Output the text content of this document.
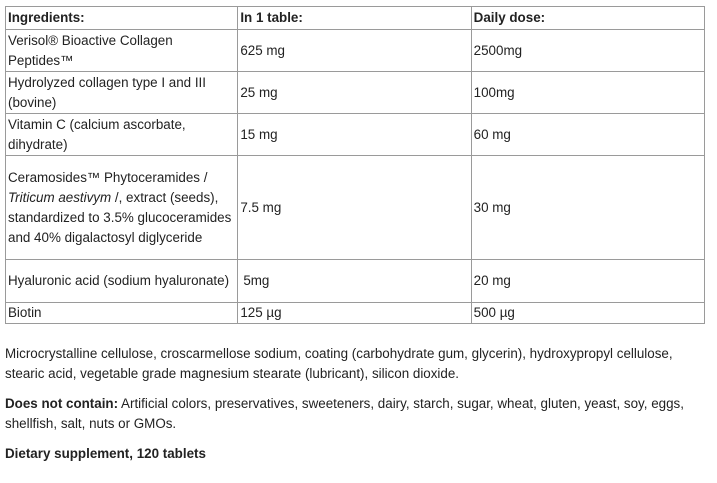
Ingredients:	In 1 table:	Daily dose:
Verisol® Bioactive Collagen Peptides™	625 mg	2500mg
Hydrolyzed collagen type I and III (bovine)	25 mg	100mg
Vitamin C (calcium ascorbate, dihydrate)	15 mg	60 mg
Ceramosides™ Phytoceramides / Triticum aestivym /, extract (seeds), standardized to 3.5% glucoceramides and 40% digalactosyl diglyceride	7.5 mg	30 mg
Hyaluronic acid (sodium hyaluronate)	5mg	20 mg
Biotin	125 µg	500 µg

Microcrystalline cellulose, croscarmellose sodium, coating (carbohydrate gum, glycerin), hydroxypropyl cellulose, stearic acid, vegetable grade magnesium stearate (lubricant), silicon dioxide.

Does not contain: Artificial colors, preservatives, sweeteners, dairy, starch, sugar, wheat, gluten, yeast, soy, eggs, shellfish, salt, nuts or GMOs.

Dietary supplement, 120 tablets
